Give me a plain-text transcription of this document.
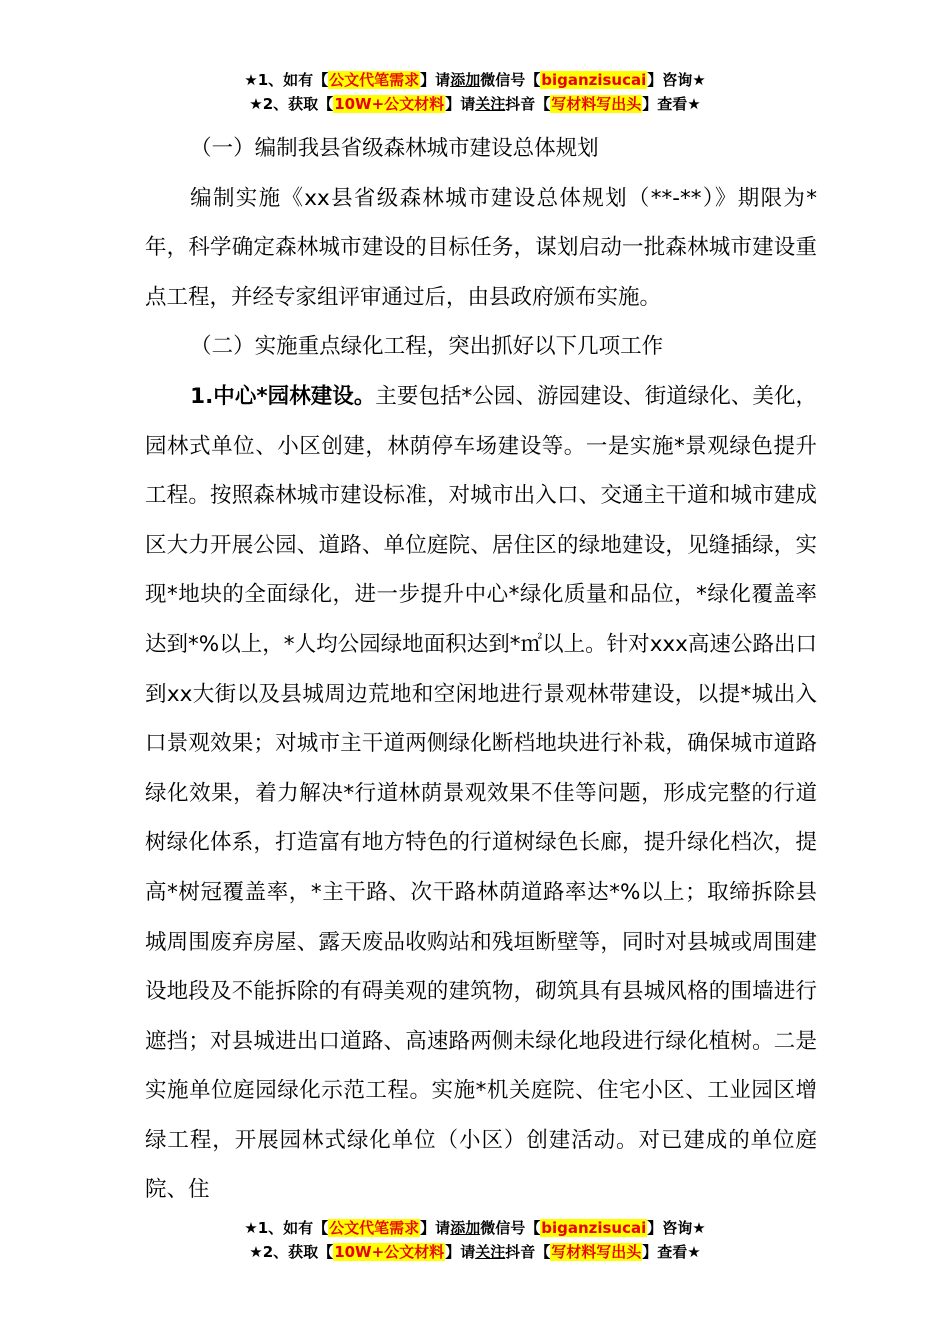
★1、如有【公文代笔需求】请添加微信号【biganzisucai】咨询★
★2、获取【10W+公文材料】请关注抖音【写材料写出头】查看★

（一）编制我县省级森林城市建设总体规划

编制实施《xx县省级森林城市建设总体规划（**-**）》期限为*年，科学确定森林城市建设的目标任务，谋划启动一批森林城市建设重点工程，并经专家组评审通过后，由县政府颁布实施。

（二）实施重点绿化工程，突出抓好以下几项工作

1.中心*园林建设。主要包括*公园、游园建设、街道绿化、美化，园林式单位、小区创建，林荫停车场建设等。一是实施*景观绿色提升工程。按照森林城市建设标准，对城市出入口、交通主干道和城市建成区大力开展公园、道路、单位庭院、居住区的绿地建设，见缝插绿，实现*地块的全面绿化，进一步提升中心*绿化质量和品位，*绿化覆盖率达到*%以上，*人均公园绿地面积达到*㎡以上。针对xxx高速公路出口到xx大街以及县城周边荒地和空闲地进行景观林带建设，以提*城出入口景观效果；对城市主干道两侧绿化断档地块进行补栽，确保城市道路绿化效果，着力解决*行道林荫景观效果不佳等问题，形成完整的行道树绿化体系，打造富有地方特色的行道树绿色长廊，提升绿化档次，提高*树冠覆盖率，*主干路、次干路林荫道路率达*%以上；取缔拆除县城周围废弃房屋、露天废品收购站和残垣断壁等，同时对县城或周围建设地段及不能拆除的有碍美观的建筑物，砌筑具有县城风格的围墙进行遮挡；对县城进出口道路、高速路两侧未绿化地段进行绿化植树。二是实施单位庭园绿化示范工程。实施*机关庭院、住宅小区、工业园区增绿工程，开展园林式绿化单位（小区）创建活动。对已建成的单位庭院、住

★1、如有【公文代笔需求】请添加微信号【biganzisucai】咨询★
★2、获取【10W+公文材料】请关注抖音【写材料写出头】查看★
